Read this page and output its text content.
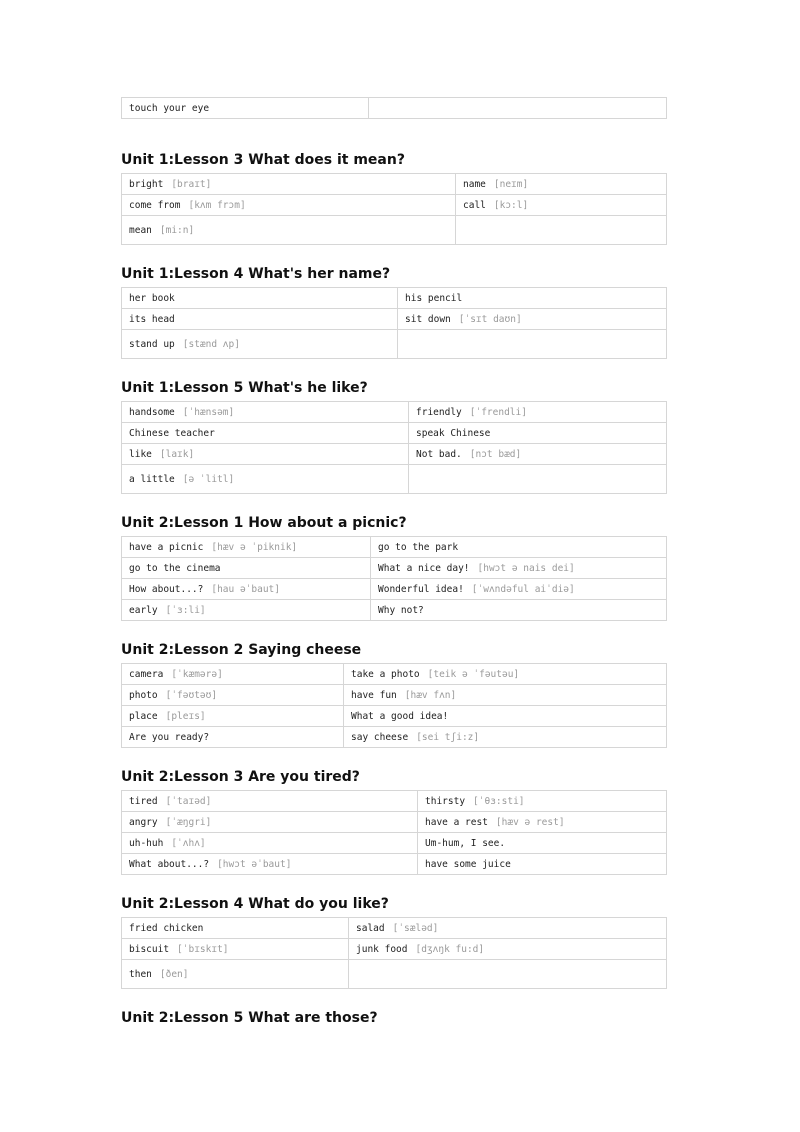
touch your eye	
Unit 1:Lesson 3 What does it mean?
bright [braɪt]	name [neɪm]
come from [kʌm frɔm]	call [kɔ:l]
mean [mi:n]	
Unit 1:Lesson 4 What's her name?
her book	his pencil
its head	sit down [ˈsɪt daʊn]
stand up [stænd ʌp]	
Unit 1:Lesson 5 What's he like?
handsome [ˈhænsəm]	friendly [ˈfrendli]
Chinese teacher	speak Chinese
like [laɪk]	Not bad. [nɔt bæd]
a little [ə ˈlitl]	
Unit 2:Lesson 1 How about a picnic?
have a picnic [hæv ə ˈpiknik]	go to the park
go to the cinema	What a nice day! [hwɔt ə nais dei]
How about...? [hau əˈbaut]	Wonderful idea! [ˈwʌndəful aiˈdiə]
early [ˈɜ:li]	Why not?
Unit 2:Lesson 2 Saying cheese
camera [ˈkæmərə]	take a photo [teik ə ˈfəutəu]
photo [ˈfəʊtəʊ]	have fun [hæv fʌn]
place [pleɪs]	What a good idea!
Are you ready?	say cheese [sei tʃi:z]
Unit 2:Lesson 3 Are you tired?
tired [ˈtaɪəd]	thirsty [ˈθɜ:sti]
angry [ˈæŋgri]	have a rest [hæv ə rest]
uh-huh [ˈʌhʌ]	Um-hum, I see.
What about...? [hwɔt əˈbaut]	have some juice
Unit 2:Lesson 4 What do you like?
fried chicken	salad [ˈsæləd]
biscuit [ˈbɪskɪt]	junk food [dʒʌŋk fu:d]
then [ðen]	
Unit 2:Lesson 5 What are those?
